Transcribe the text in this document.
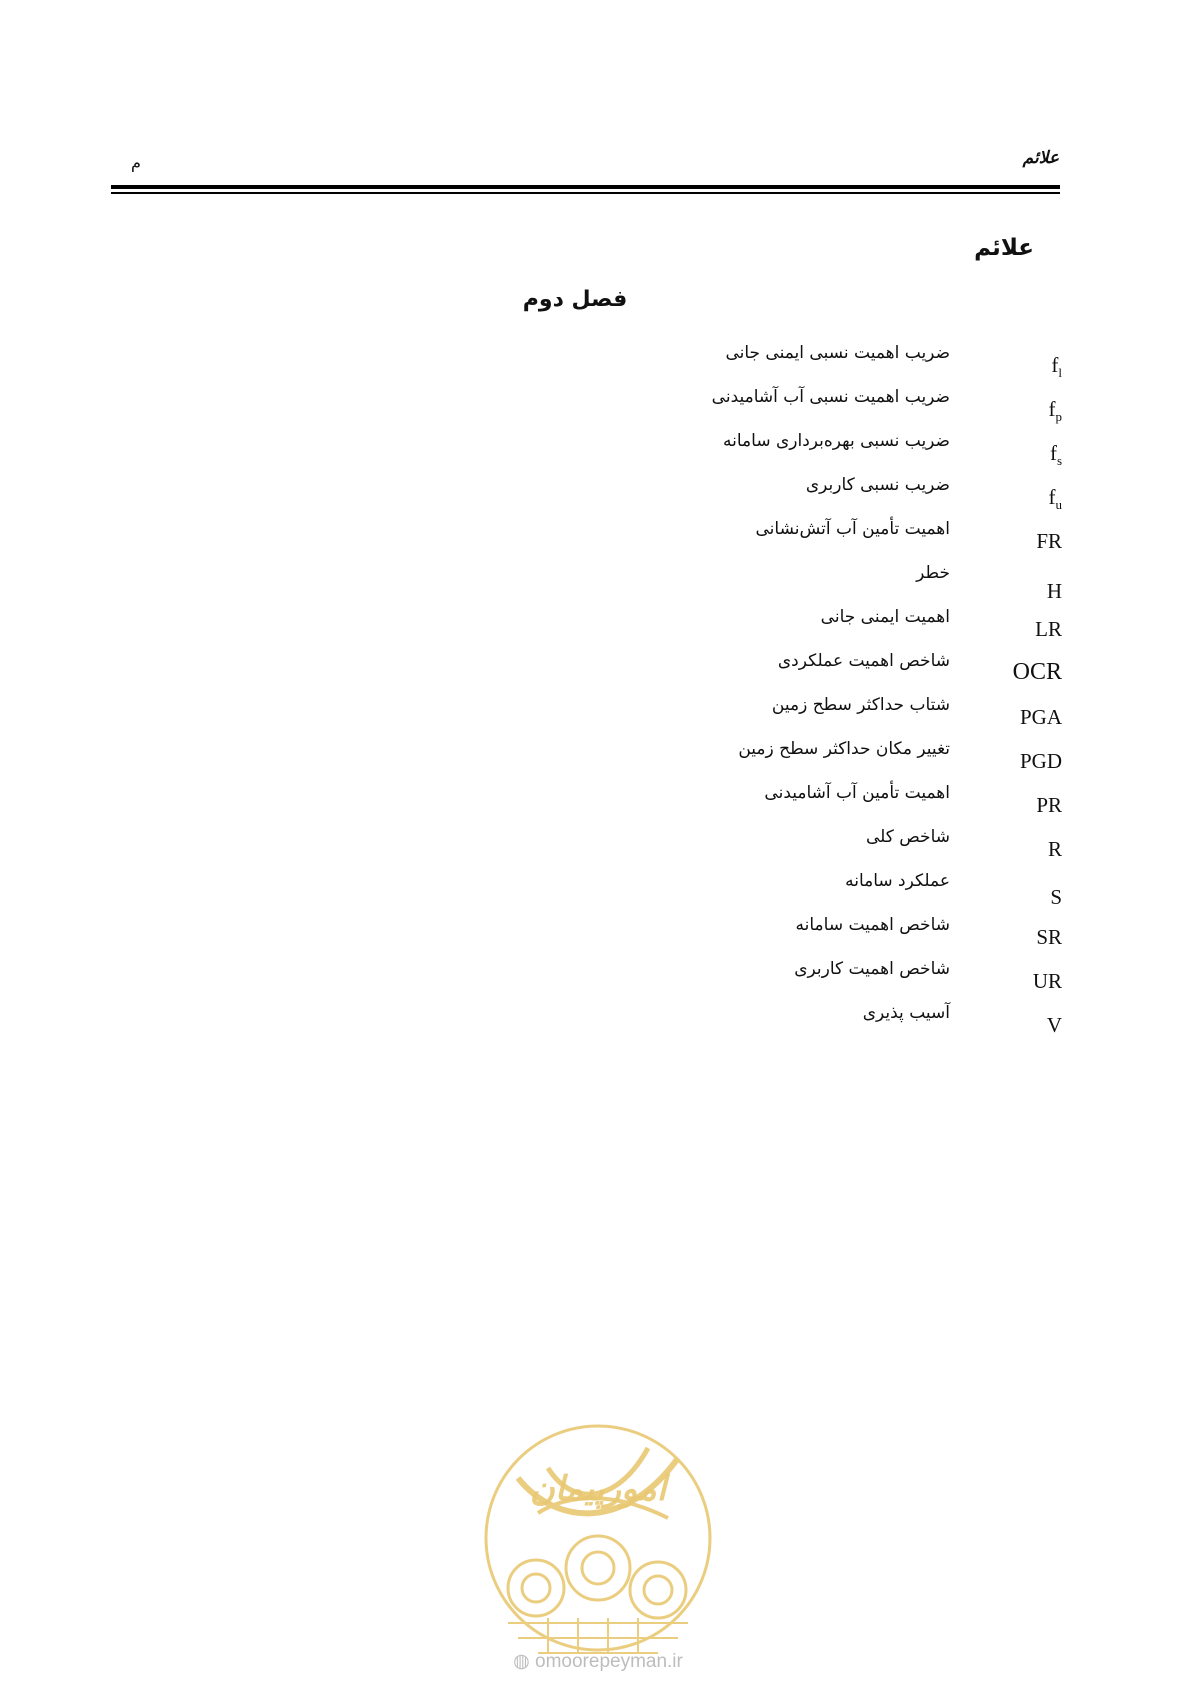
علائم
م
علائم
فصل دوم
$f_l$
ضریب اهمیت نسبی ایمنی جانی
$f_p$
ضریب اهمیت نسبی آب آشامیدنی
$f_s$
ضریب نسبی بهره‌برداری سامانه
$f_u$
ضریب نسبی کاربری
FR
اهمیت تأمین آب آتش‌نشانی
H
خطر
LR
اهمیت ایمنی جانی
OCR
شاخص اهمیت عملکردی
PGA
شتاب حداکثر سطح زمین
PGD
تغییر مکان حداکثر سطح زمین
PR
اهمیت تأمین آب آشامیدنی
R
شاخص کلی
S
عملکرد سامانه
SR
شاخص اهمیت سامانه
UR
شاخص اهمیت کاربری
V
آسیب پذیری
امورپیمان
◍ omoorepeyman.ir
